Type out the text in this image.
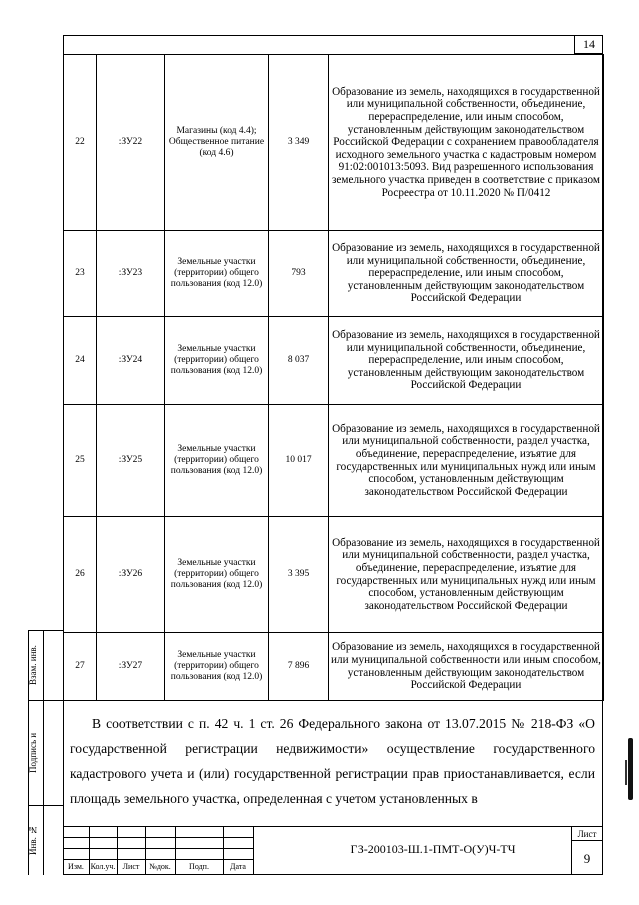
14
22	:ЗУ22	Магазины (код 4.4); Общественное питание (код 4.6)	3 349	Образование из земель, находящихся в государственной или муниципальной собственности, объединение, перераспределение, или иным способом, установленным действующим законодательством Российской Федерации с сохранением правообладателя исходного земельного участка с кадастровым номером 91:02:001013:5093. Вид разрешенного использования земельного участка приведен в соответствие с приказом Росреестра от 10.11.2020 № П/0412
23	:ЗУ23	Земельные участки (территории) общего пользования (код 12.0)	793	Образование из земель, находящихся в государственной или муниципальной собственности, объединение, перераспределение, или иным способом, установленным действующим законодательством Российской Федерации
24	:ЗУ24	Земельные участки (территории) общего пользования (код 12.0)	8 037	Образование из земель, находящихся в государственной или муниципальной собственности, объединение, перераспределение, или иным способом, установленным действующим законодательством Российской Федерации
25	:ЗУ25	Земельные участки (территории) общего пользования (код 12.0)	10 017	Образование из земель, находящихся в государственной или муниципальной собственности, раздел участка, объединение, перераспределение, изъятие для государственных или муниципальных нужд или иным способом, установленным действующим законодательством Российской Федерации
26	:ЗУ26	Земельные участки (территории) общего пользования (код 12.0)	3 395	Образование из земель, находящихся в государственной или муниципальной собственности, раздел участка, объединение, перераспределение, изъятие для государственных или муниципальных нужд или иным способом, установленным действующим законодательством Российской Федерации
27	:ЗУ27	Земельные участки (территории) общего пользования (код 12.0)	7 896	Образование из земель, находящихся в государственной или муниципальной собственности или иным способом, установленным действующим законодательством Российской Федерации
В соответствии с п. 42 ч. 1 ст. 26 Федерального закона от 13.07.2015 № 218-ФЗ «О государственной регистрации недвижимости» осуществление государственного кадастрового учета и (или) государственной регистрации прав приостанавливается, если площадь земельного участка, определенная с учетом установленных в
Взам. инв.
Подпись и
Инв. №
Изм. Кол.уч. Лист	№док.	Подп.	Дата
ГЗ-200103-Ш.1-ПМТ-О(У)Ч-ТЧ
Лист
9
